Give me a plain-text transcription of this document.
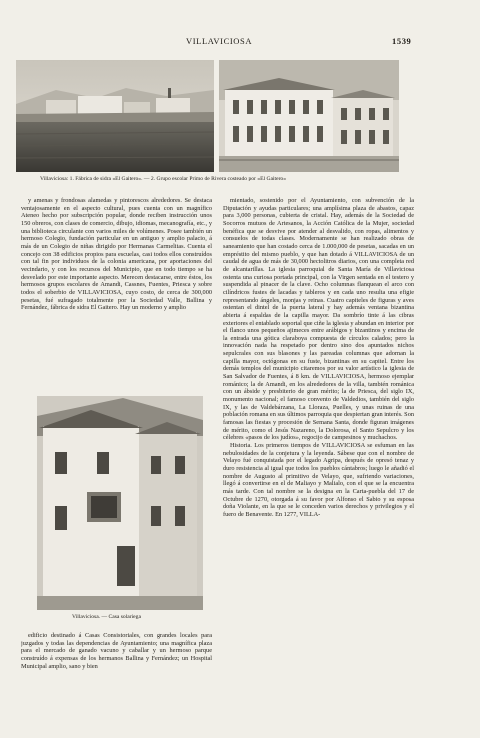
VILLAVICIOSA	1539
Villaviciosa: 1. Fábrica de sidra «El Gaitero». — 2. Grupo escolar Primo de Rivera costeado por «El Gaitero»

y amenas y frondosas alamedas y pintorescos alrededores. Se destaca ventajosamente en el aspecto cultural, pues cuenta con un magnífico Ateneo hecho por subscripción popular, donde reciben instrucción unos 150 obreros, con clases de comercio, dibujo, idiomas, mecanografía, etc., y una biblioteca circulante con varios miles de volúmenes. Posee también un hermoso Colegio, fundación particular en un antiguo y amplio palacio, á más de un Colegio de niñas dirigido por Hermanas Carmelitas. Cuenta el concejo con 38 edificios propios para escuelas, casi todos ellos construídos con tal fin por individuos de la colonia americana, por aportaciones del vecindario, y con los recursos del Municipio, que en todo tiempo se ha desvelado por este importante aspecto. Merecen destacarse, entre éstos, los hermosos grupos escolares de Amandi, Cassnes, Fuentes, Priesca y sobre todos el soberbio de VILLAVICIOSA, cuyo costo, de cerca de 300,000 pesetas, fué sufragado totalmente por la Sociedad Valle, Ballina y Fernández, fábrica de sidra El Gaitero. Hay un moderno y amplio

Villaviciosa. — Casa solariega

edificio destinado á Casas Consistoriales, con grandes locales para juzgados y todas las dependencias de Ayuntamiento; una magnífica plaza para el mercado de ganado vacuno y caballar y un hermoso parque construído á expensas de los hermanos Ballina y Fernández; un Hospital Municipal amplio, sano y bien

mientado, sostenido por el Ayuntamiento, con subvención de la Diputación y ayudas particulares; una amplísima plaza de abastos, capaz para 3,000 personas, cubierta de cristal. Hay, además de la Sociedad de Socorros mutuos de Artesanos, la Acción Católica de la Mujer, sociedad benéfica que se desvive por atender al desvalido, con ropas, alimentos y consuelos de todas clases. Modernamente se han realizado obras de saneamiento que han costado cerca de 1.000,000 de pesetas, sacadas en un empréstito del mismo pueblo, y que han dotado á VILLAVICIOSA de un caudal de agua de más de 30,000 hectolitros diarios, con una completa red de alcantarillas. La iglesia parroquial de Santa María de Villaviciosa ostenta una curiosa portada principal, con la Virgen sentada en el testero y suspendida al pinacer de la clave. Ocho columnas flanquean el arco con cilíndricos fustes de lacadas y tableros y en cada uno resulta una efigie representando ángeles, monjas y reinas. Cuatro capiteles de figuras y aves ostentan el dintel de la puerta lateral y hay además ventana bizantina abierta á espaldas de la capilla mayor. Da sombrío tinte á las cibras exteriores el entablado soportal que ciñe la iglesia y abundan en interior por el flanco unos pequeños ajimeces entre arábigos y bizantinos y encima de la entrada una gótica claraboya compuesta de círculos calados; pero la innovación nada ha respetado por dentro sino dos apuntados nichos sepulcrales con sus blasones y las pareadas columnas que adornan la capilla mayor, octógonas en su fuste, bizantinas en su capitel. Entre los demás templos del municipio citaremos por su valor artístico la iglesia de San Salvador de Fuentes, á 8 km. de VILLAVICIOSA, hermoso ejemplar románico; la de Amandi, en los alrededores de la villa, también románica con un ábside y presbiterio de gran mérito; la de Priesca, del siglo IX, monumento nacional; el famoso convento de Valdedios, también del siglo IX, y las de Valdebárzana, La Lloraza, Puelles, y unas ruinas de una población romana en sus últimos parroquia que despiertan gran interés. Son famosas las fiestas y procesión de Semana Santa, donde figuran imágenes de mérito, como el Jesús Nazareno, la Dolorosa, el Santo Sepulcro y los célebres «pasos de los judíos», regocijo de campesinos y muchachos.

Historia. Los primeros tiempos de VILLAVICIOSA se esfuman en las nebulosidades de la conjetura y la leyenda. Sábese que con el nombre de Velayo fué conquistada por el legado Agripa, después de opresó tenaz y duro resistencia al igual que todos los pueblos cántabros; luego le añadió el nombre de Augusto al primitivo de Velayo, que, sufriendo variaciones, llegó á convertirse en el de Maliayo y Malialo, con el que se la encuentra más tarde. Con tal nombre se la designa en la Carta-puebla del 17 de Octubre de 1270, otorgada á su favor por Alfonso el Sabio y su esposa doña Violante, en la que se le conceden varios derechos y privilegios y el fuero de Benavente. En 1277, VILLA-
